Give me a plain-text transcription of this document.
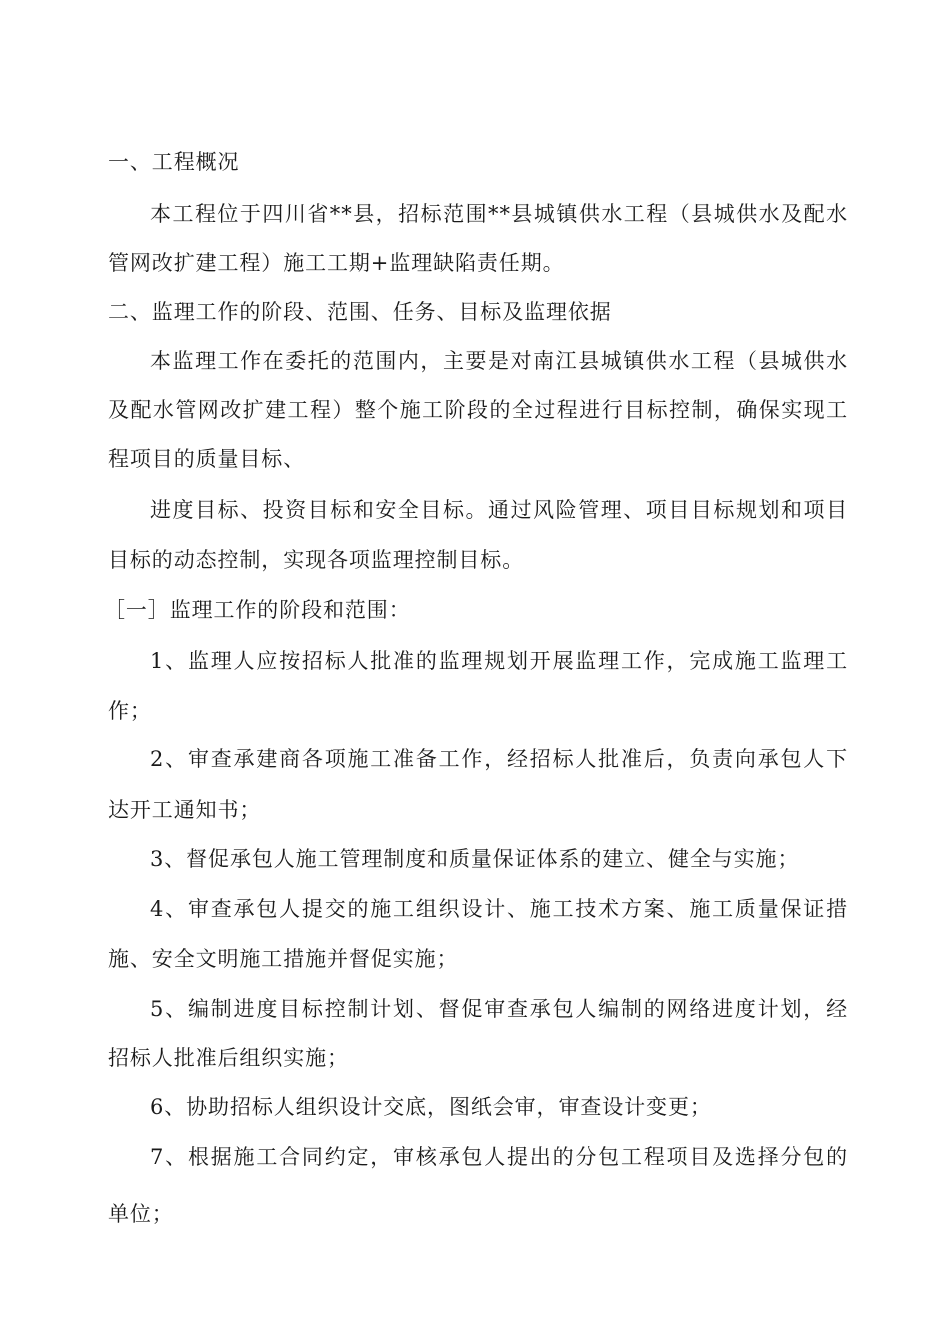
一、工程概况
本工程位于四川省**县，招标范围**县城镇供水工程（县城供水及配水
管网改扩建工程）施工工期+监理缺陷责任期。
二、监理工作的阶段、范围、任务、目标及监理依据
本监理工作在委托的范围内，主要是对南江县城镇供水工程（县城供水
及配水管网改扩建工程）整个施工阶段的全过程进行目标控制，确保实现工
程项目的质量目标、
进度目标、投资目标和安全目标。通过风险管理、项目目标规划和项目
目标的动态控制，实现各项监理控制目标。
［一］监理工作的阶段和范围：
1、监理人应按招标人批准的监理规划开展监理工作，完成施工监理工
作；
2、审查承建商各项施工准备工作，经招标人批准后，负责向承包人下
达开工通知书；
3、督促承包人施工管理制度和质量保证体系的建立、健全与实施；
4、审查承包人提交的施工组织设计、施工技术方案、施工质量保证措
施、安全文明施工措施并督促实施；
5、编制进度目标控制计划、督促审查承包人编制的网络进度计划，经
招标人批准后组织实施；
6、协助招标人组织设计交底，图纸会审，审查设计变更；
7、根据施工合同约定，审核承包人提出的分包工程项目及选择分包的
单位；
